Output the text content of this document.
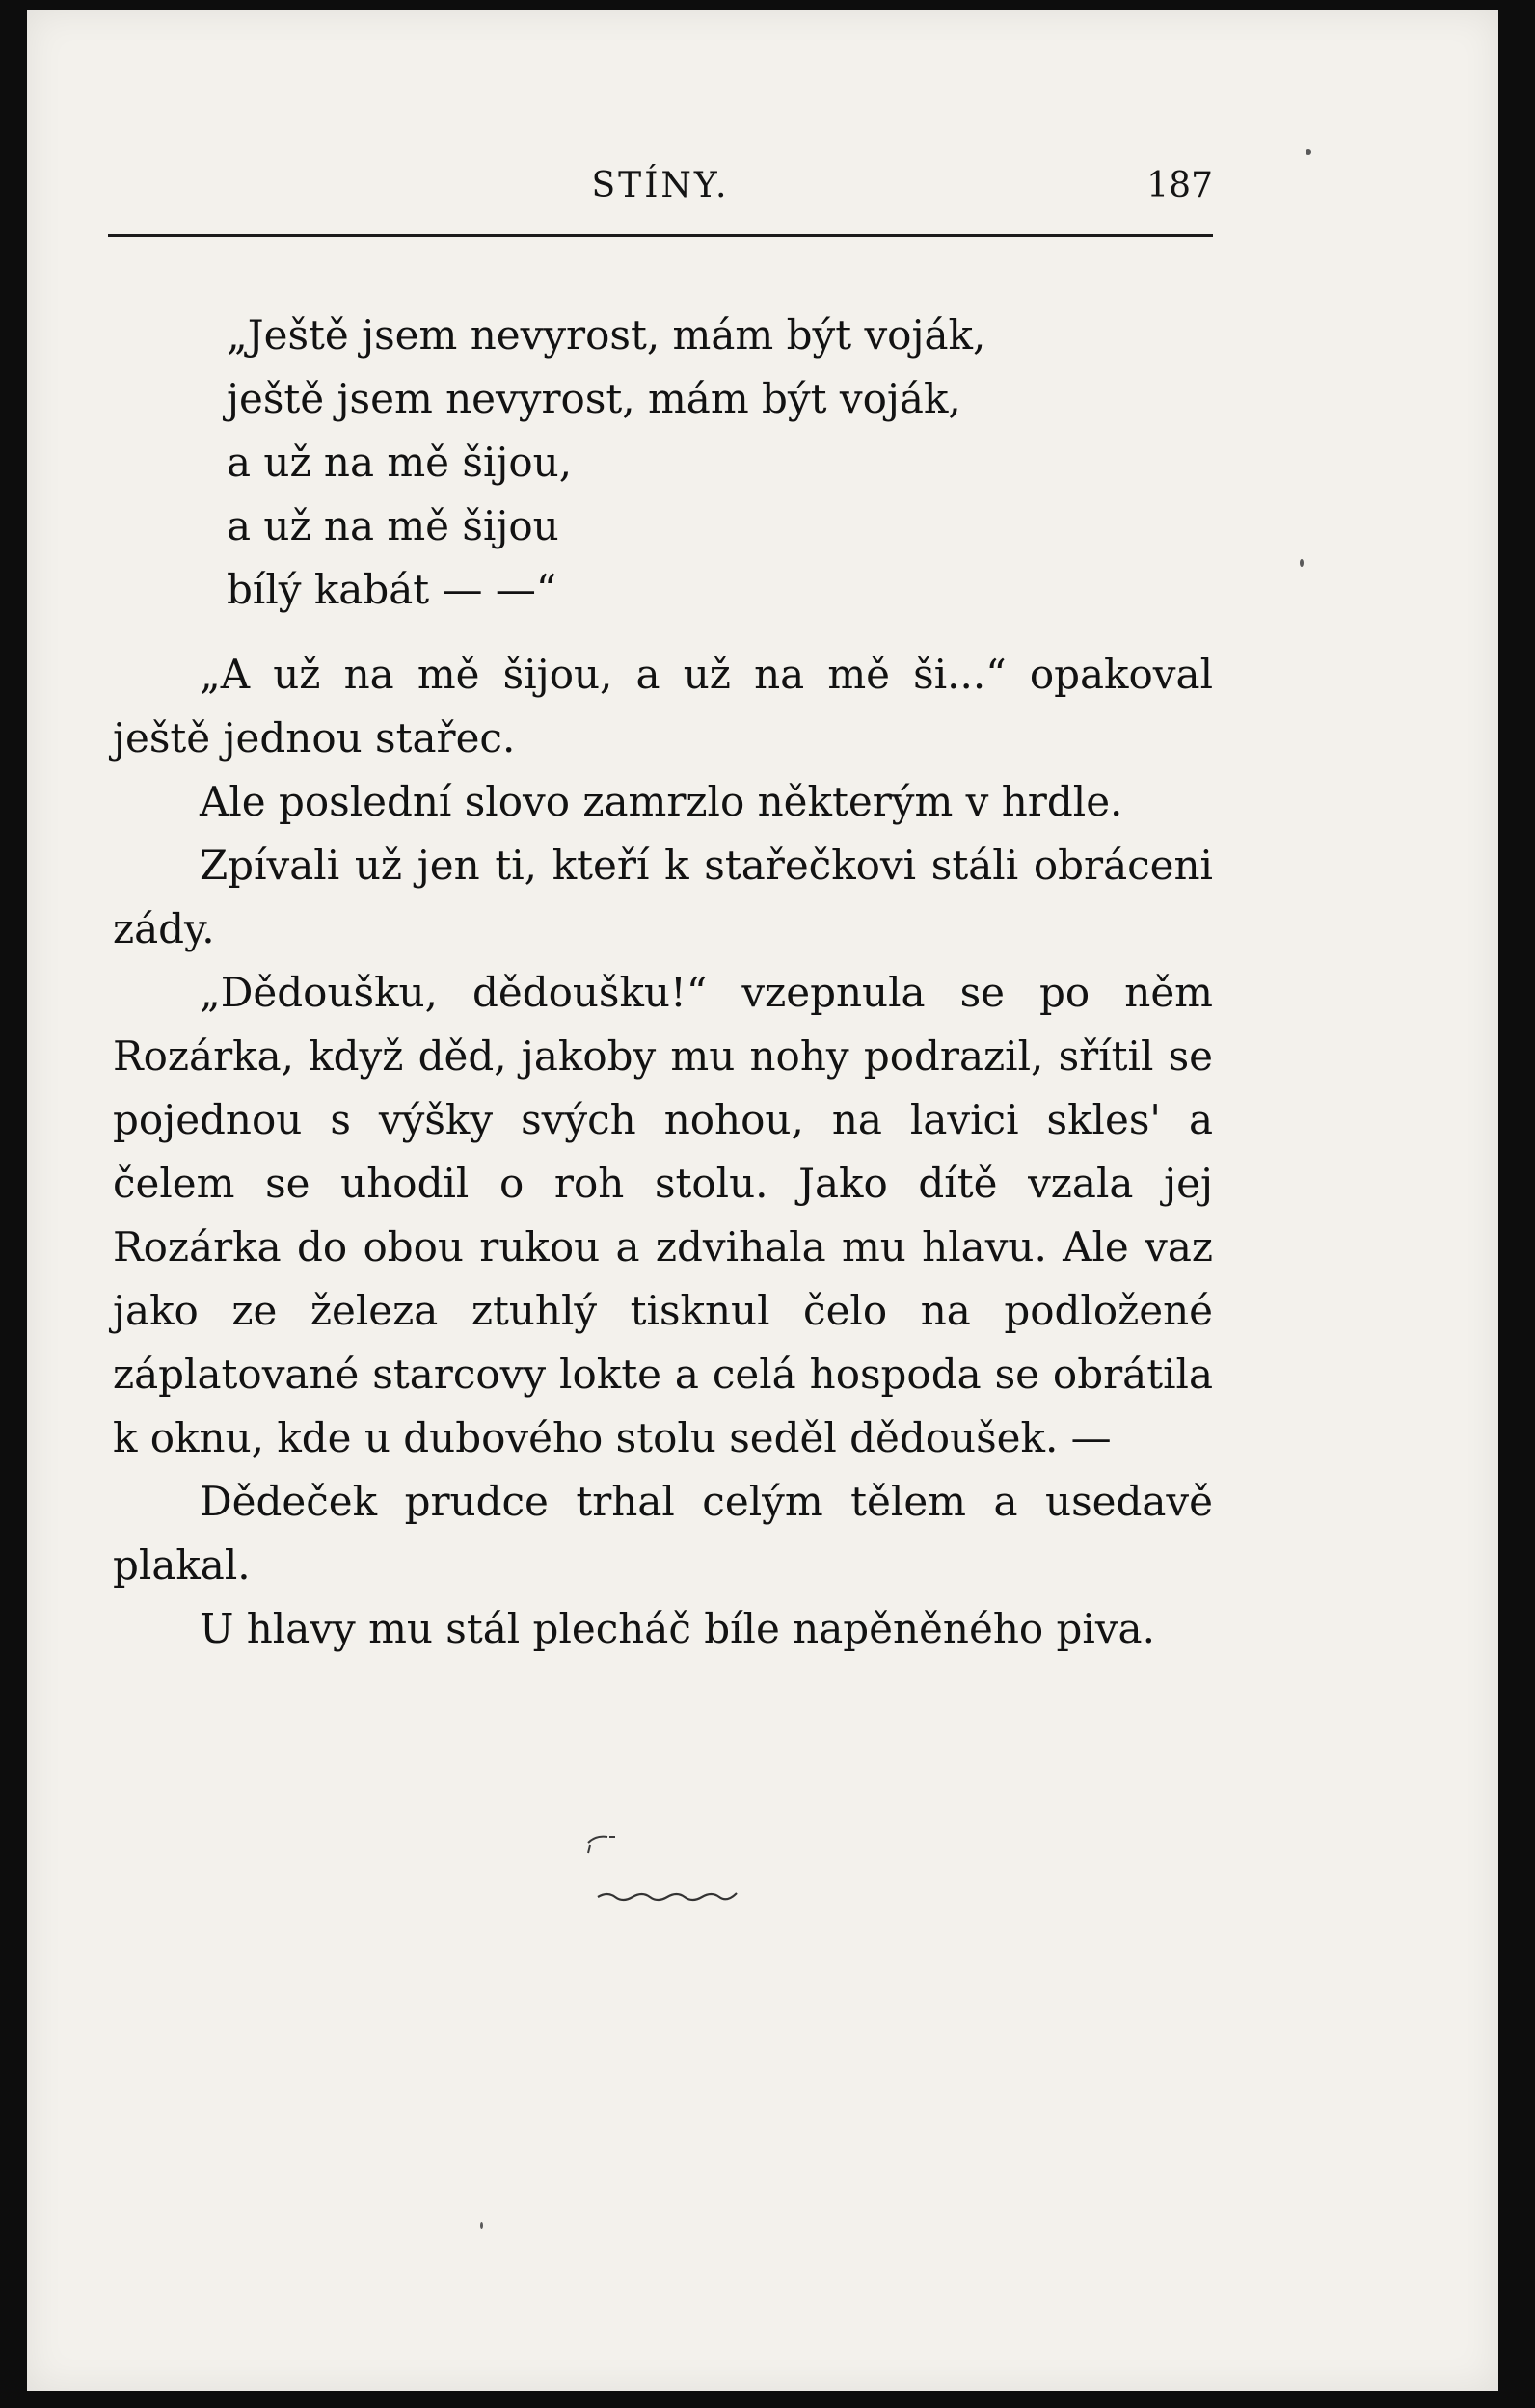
STÍNY.	187
„Ještě jsem nevyrost, mám být voják,
ještě jsem nevyrost, mám být voják,
a už na mě šijou,
a už na mě šijou
bílý kabát — —“

„A už na mě šijou, a už na mě ši...“ opakoval ještě jednou stařec.

Ale poslední slovo zamrzlo některým v hrdle.

Zpívali už jen ti, kteří k stařečkovi stáli obráceni zády.

„Dědoušku, dědoušku!“ vzepnula se po něm Rozárka, když děd, jakoby mu nohy podrazil, sřítil se pojednou s výšky svých nohou, na lavici skles' a čelem se uhodil o roh stolu. Jako dítě vzala jej Rozárka do obou rukou a zdvihala mu hlavu. Ale vaz jako ze železa ztuhlý tisknul čelo na podložené záplatované starcovy lokte a celá hospoda se obrátila k oknu, kde u dubového stolu seděl dědoušek. —

Dědeček prudce trhal celým tělem a usedavě plakal.

U hlavy mu stál plecháč bíle napěněného piva.
